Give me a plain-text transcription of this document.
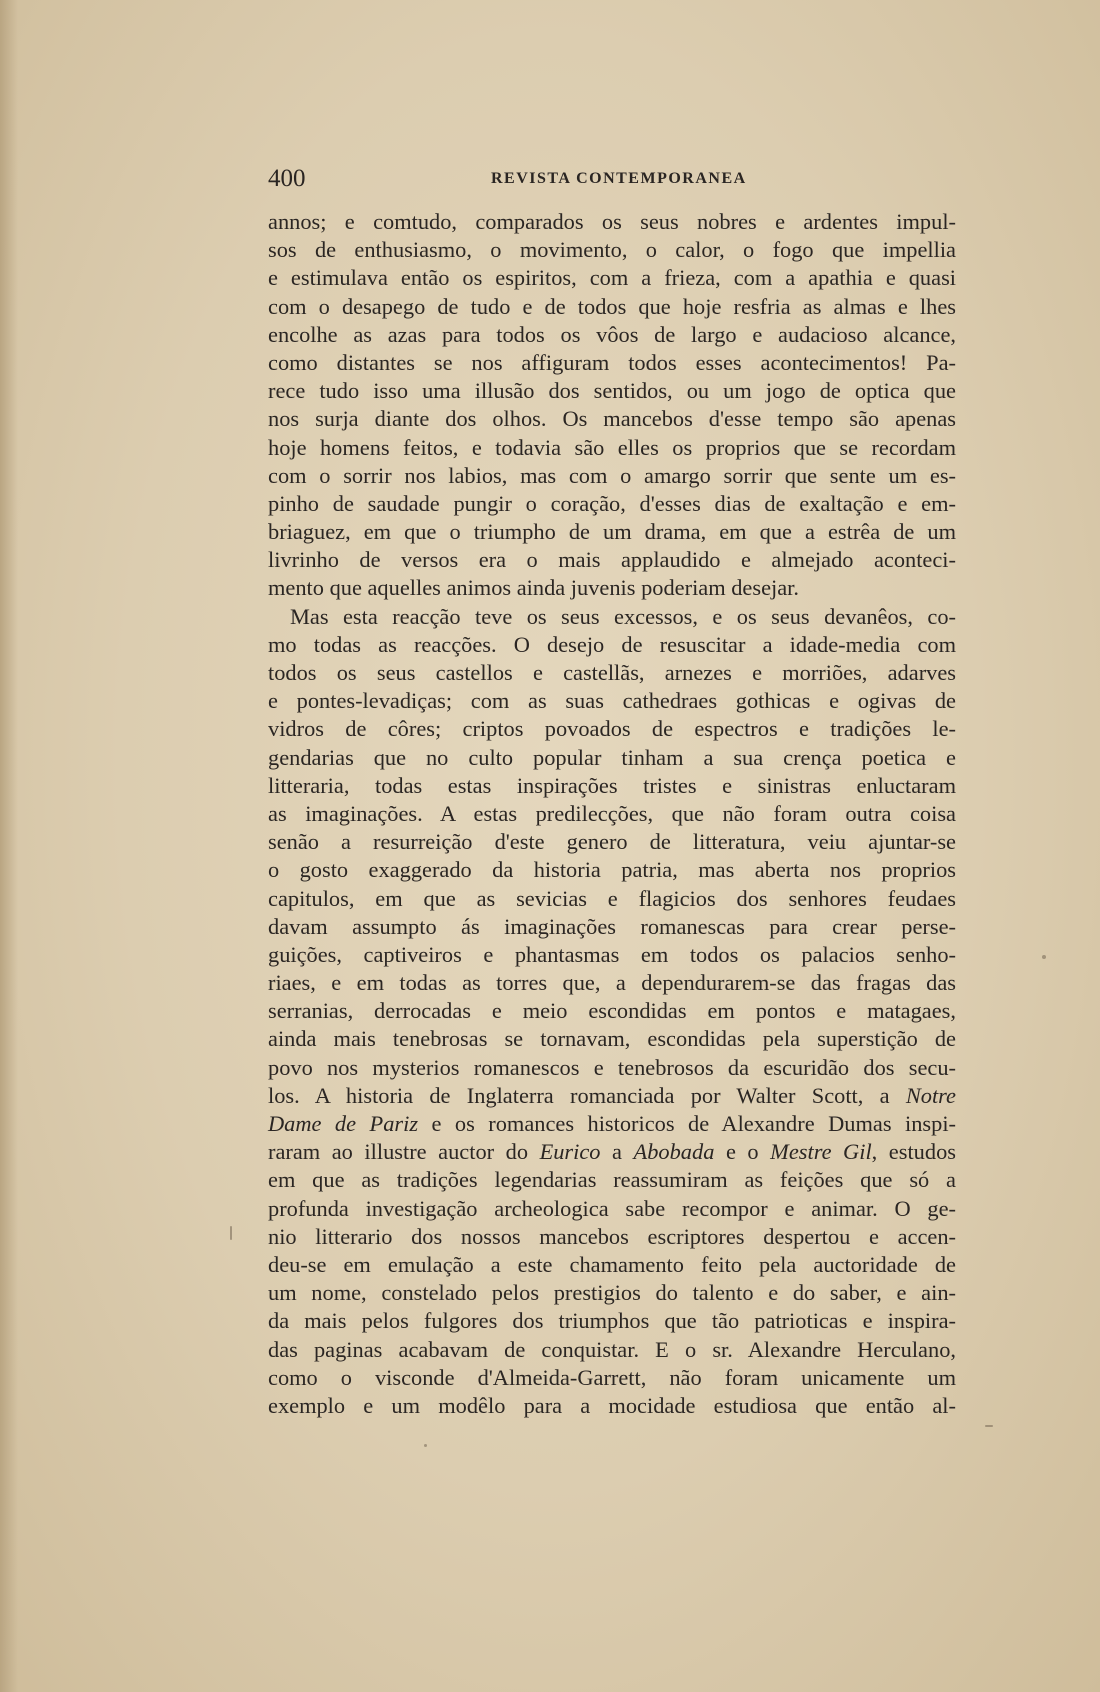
400	REVISTA CONTEMPORANEA
annos; e comtudo, comparados os seus nobres e ardentes impul-
sos de enthusiasmo, o movimento, o calor, o fogo que impellia
e estimulava então os espiritos, com a frieza, com a apathia e quasi
com o desapego de tudo e de todos que hoje resfria as almas e lhes
encolhe as azas para todos os vôos de largo e audacioso alcance,
como distantes se nos affiguram todos esses acontecimentos! Pa-
rece tudo isso uma illusão dos sentidos, ou um jogo de optica que
nos surja diante dos olhos. Os mancebos d'esse tempo são apenas
hoje homens feitos, e todavia são elles os proprios que se recordam
com o sorrir nos labios, mas com o amargo sorrir que sente um es-
pinho de saudade pungir o coração, d'esses dias de exaltação e em-
briaguez, em que o triumpho de um drama, em que a estrêa de um
livrinho de versos era o mais applaudido e almejado aconteci-
mento que aquelles animos ainda juvenis poderiam desejar.
Mas esta reacção teve os seus excessos, e os seus devanêos, co-
mo todas as reacções. O desejo de resuscitar a idade-media com
todos os seus castellos e castellãs, arnezes e morriões, adarves
e pontes-levadiças; com as suas cathedraes gothicas e ogivas de
vidros de côres; criptos povoados de espectros e tradições le-
gendarias que no culto popular tinham a sua crença poetica e
litteraria, todas estas inspirações tristes e sinistras enluctaram
as imaginações. A estas predilecções, que não foram outra coisa
senão a resurreição d'este genero de litteratura, veiu ajuntar-se
o gosto exaggerado da historia patria, mas aberta nos proprios
capitulos, em que as sevicias e flagicios dos senhores feudaes
davam assumpto ás imaginações romanescas para crear perse-
guições, captiveiros e phantasmas em todos os palacios senho-
riaes, e em todas as torres que, a dependurarem-se das fragas das
serranias, derrocadas e meio escondidas em pontos e matagaes,
ainda mais tenebrosas se tornavam, escondidas pela superstição de
povo nos mysterios romanescos e tenebrosos da escuridão dos secu-
los. A historia de Inglaterra romanciada por Walter Scott, a Notre
Dame de Pariz e os romances historicos de Alexandre Dumas inspi-
raram ao illustre auctor do Eurico a Abobada e o Mestre Gil, estudos
em que as tradições legendarias reassumiram as feições que só a
profunda investigação archeologica sabe recompor e animar. O ge-
nio litterario dos nossos mancebos escriptores despertou e accen-
deu-se em emulação a este chamamento feito pela auctoridade de
um nome, constelado pelos prestigios do talento e do saber, e ain-
da mais pelos fulgores dos triumphos que tão patrioticas e inspira-
das paginas acabavam de conquistar. E o sr. Alexandre Herculano,
como o visconde d'Almeida-Garrett, não foram unicamente um
exemplo e um modêlo para a mocidade estudiosa que então al-
